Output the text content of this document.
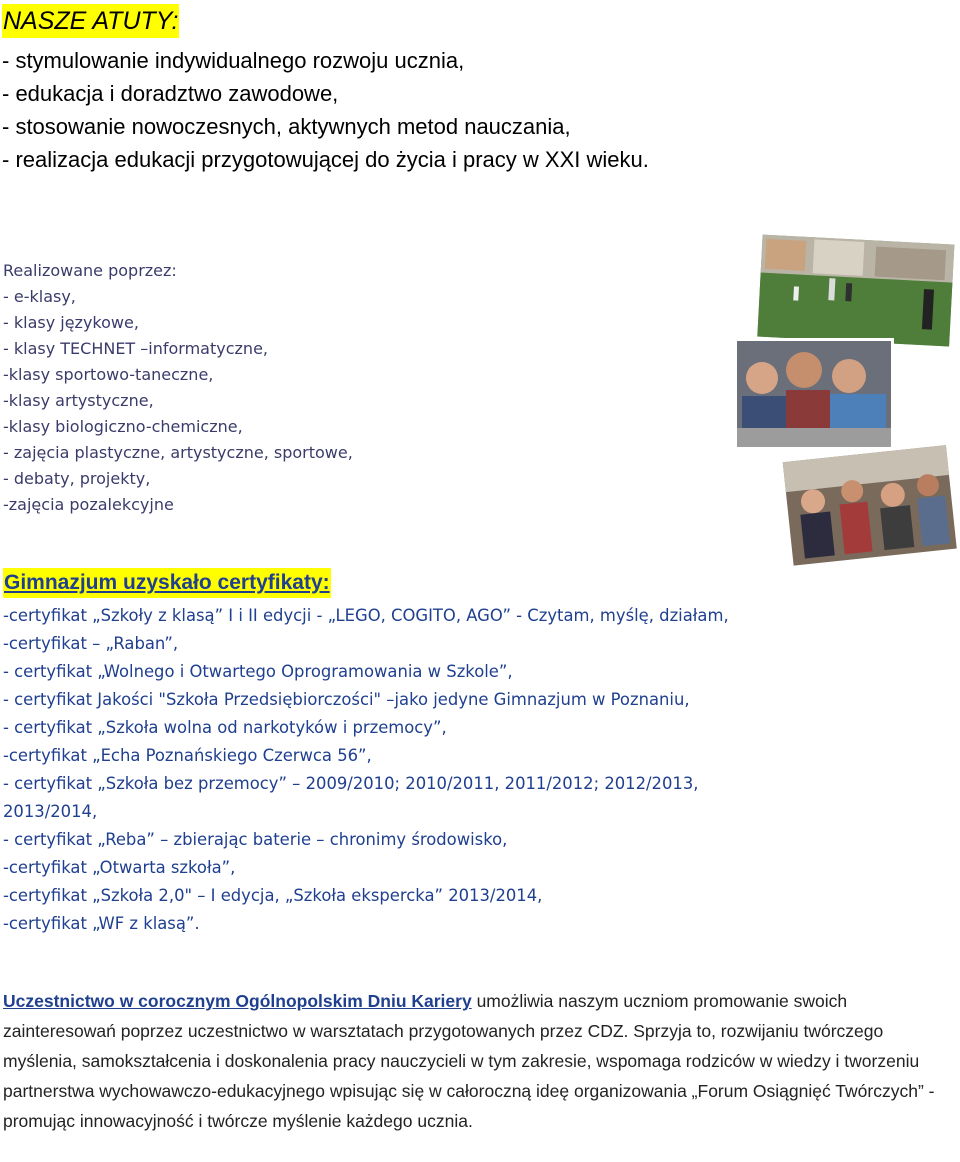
NASZE ATUTY:
- stymulowanie indywidualnego rozwoju ucznia,
- edukacja i doradztwo zawodowe,
- stosowanie nowoczesnych, aktywnych metod nauczania,
- realizacja edukacji przygotowującej do życia i pracy w XXI wieku.
Realizowane poprzez:
- e-klasy,
- klasy językowe,
- klasy TECHNET –informatyczne,
-klasy sportowo-taneczne,
-klasy artystyczne,
-klasy biologiczno-chemiczne,
- zajęcia plastyczne, artystyczne, sportowe,
- debaty, projekty,
-zajęcia pozalekcyjne
Gimnazjum uzyskało certyfikaty:
-certyfikat „Szkoły z klasą” I i II edycji - „LEGO, COGITO, AGO” - Czytam, myślę, działam,
-certyfikat – „Raban”,
- certyfikat „Wolnego i Otwartego Oprogramowania w Szkole”,
- certyfikat Jakości "Szkoła Przedsiębiorczości" –jako jedyne Gimnazjum w Poznaniu,
- certyfikat „Szkoła wolna od narkotyków i przemocy”,
-certyfikat „Echa Poznańskiego Czerwca 56”,
- certyfikat „Szkoła bez przemocy” – 2009/2010; 2010/2011, 2011/2012; 2012/2013,
2013/2014,
- certyfikat „Reba” – zbierając baterie – chronimy środowisko,
-certyfikat „Otwarta szkoła”,
-certyfikat „Szkoła 2,0" – I edycja, „Szkoła ekspercka” 2013/2014,
-certyfikat „WF z klasą”.

Uczestnictwo w corocznym Ogólnopolskim Dniu Kariery umożliwia naszym uczniom promowanie swoich zainteresowań poprzez uczestnictwo w warsztatach przygotowanych przez CDZ. Sprzyja to, rozwijaniu twórczego myślenia, samokształcenia i doskonalenia pracy nauczycieli w tym zakresie, wspomaga rodziców w wiedzy i tworzeniu partnerstwa wychowawczo-edukacyjnego wpisując się w całoroczną ideę organizowania „Forum Osiągnięć Twórczych” -promując innowacyjność i twórcze myślenie każdego ucznia.
